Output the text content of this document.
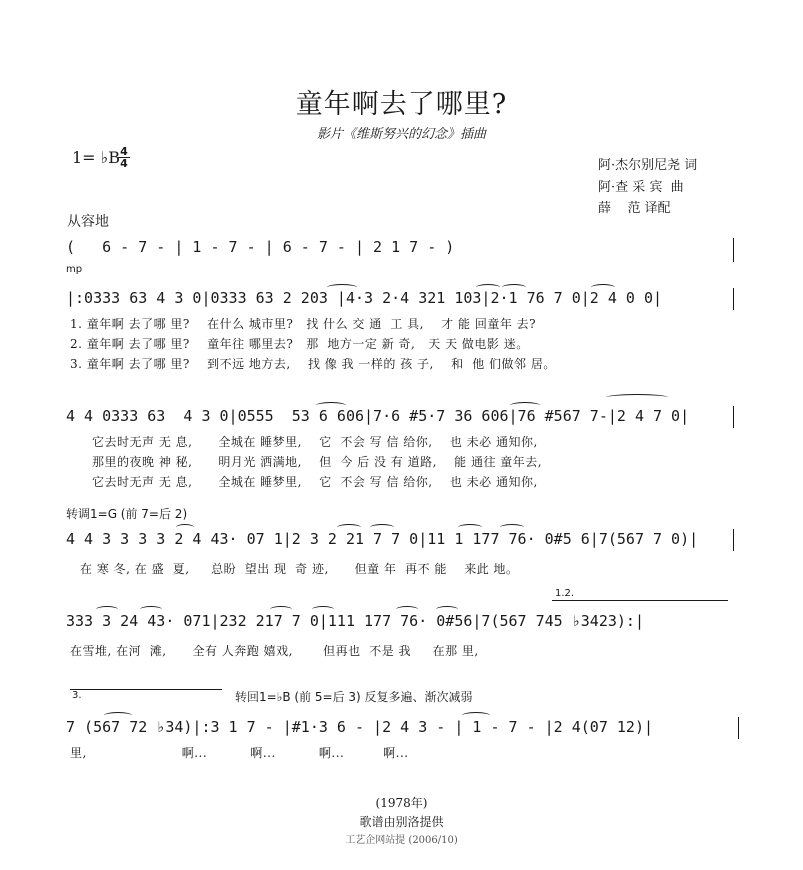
童年啊去了哪里?
影片《维斯努兴的幻念》插曲
1= ♭B 4
4	阿·杰尔别尼尧 词
阿·查 采 宾  曲
薛    范 译配
从容地
mp
(   6 - 7 - | 1 - 7 - | 6 - 7 - | 2 1 7 - )
|:0333 63 4 3 0|0333 63 2 203 |4·3 2·4 321 103|2·1 76 7 0|2 4 0 0|
1. 童年啊 去了哪 里?    在什么 城市里?   找 什么 交 通  工 具,    才 能 回童年 去?
2. 童年啊 去了哪 里?    童年往 哪里去?   那  地方一定 新 奇,   天 天 做电影 迷。
3. 童年啊 去了哪 里?    到不远 地方去,    找 像 我 一样的 孩 子,    和  他 们做邻 居。
4 4 0333 63  4 3 0|0555  53 6 606|7·6 #5·7 36 606|76 #567 7-|2 4 7 0|
它去时无声 无 息,      全城在 睡梦里,    它  不会 写 信 给你,    也 未必 通知你,
那里的夜晚 神 秘,      明月光 洒满地,    但  今 后 没 有 道路,    能 通往 童年去,
它去时无声 无 息,      全城在 睡梦里,    它  不会 写 信 给你,    也 未必 通知你,
转调1=G (前 7=后 2)
4 4 3 3 3 3 2 4 43· 07 1|2 3 2 21 7 7 0|11 1 177 76· 0#5 6|7(567 7 0)|
在 寒 冬, 在 盛  夏,     总盼  望出 现  奇 迹,      但童 年  再不 能    来此 地。
1.2.
333 3 24 43· 071|232 217 7 0|111 177 76· 0#56|7(567 745 ♭3423):|
在雪堆, 在河  滩,      全有 人奔跑 嬉戏,       但再也  不是 我     在那 里,
3.	转回1=♭B (前 5=后 3) 反复多遍、渐次减弱
7 (567 72 ♭34)|:3 1 7 - |#1·3 6 - |2 4 3 - | 1 - 7 - |2 4(07 12)|
里,                      啊...          啊...          啊...         啊...
(1978年)
歌谱由别洛提供
工艺企网站提 (2006/10)
